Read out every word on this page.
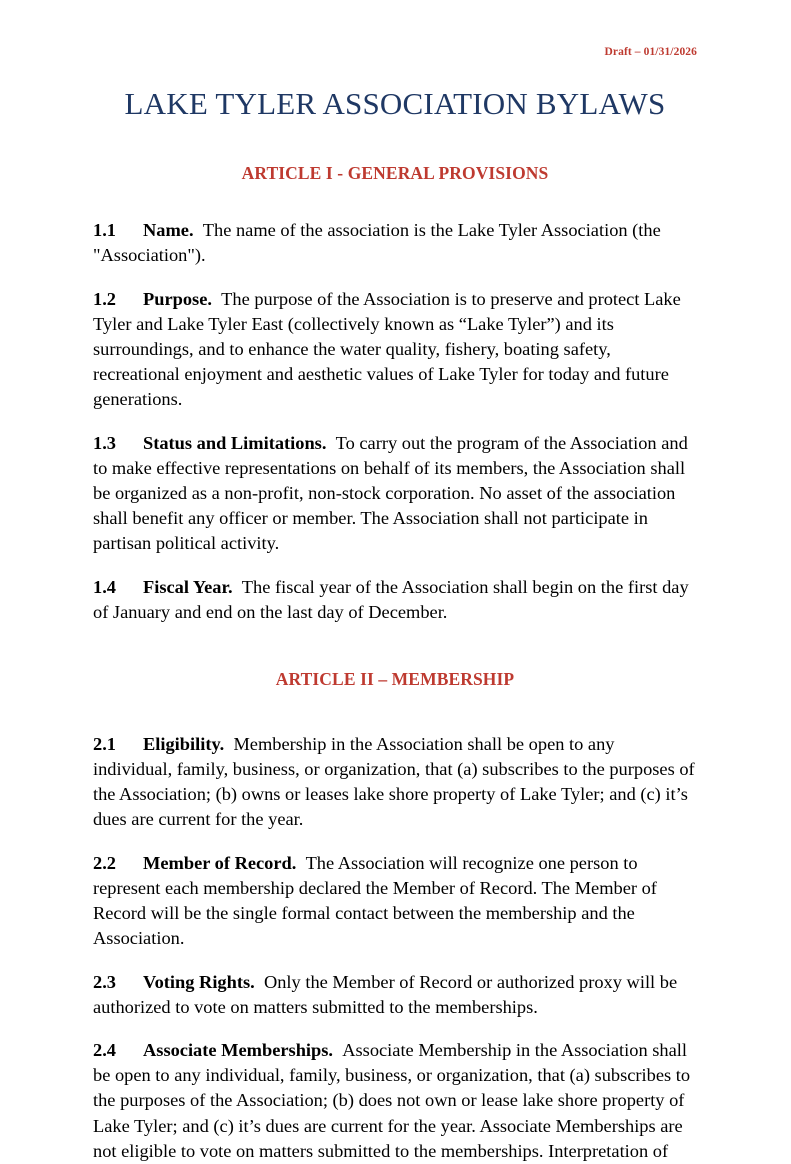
Draft – 01/31/2026
LAKE TYLER ASSOCIATION BYLAWS
ARTICLE I - GENERAL PROVISIONS

1.1 Name. The name of the association is the Lake Tyler Association (the "Association").

1.2 Purpose. The purpose of the Association is to preserve and protect Lake Tyler and Lake Tyler East (collectively known as “Lake Tyler”) and its surroundings, and to enhance the water quality, fishery, boating safety, recreational enjoyment and aesthetic values of Lake Tyler for today and future generations.

1.3 Status and Limitations. To carry out the program of the Association and to make effective representations on behalf of its members, the Association shall be organized as a non-profit, non-stock corporation. No asset of the association shall benefit any officer or member. The Association shall not participate in partisan political activity.

1.4 Fiscal Year. The fiscal year of the Association shall begin on the first day of January and end on the last day of December.

ARTICLE II – MEMBERSHIP

2.1 Eligibility. Membership in the Association shall be open to any individual, family, business, or organization, that (a) subscribes to the purposes of the Association; (b) owns or leases lake shore property of Lake Tyler; and (c) it’s dues are current for the year.

2.2 Member of Record. The Association will recognize one person to represent each membership declared the Member of Record. The Member of Record will be the single formal contact between the membership and the Association.

2.3 Voting Rights. Only the Member of Record or authorized proxy will be authorized to vote on matters submitted to the memberships.

2.4 Associate Memberships. Associate Membership in the Association shall be open to any individual, family, business, or organization, that (a) subscribes to the purposes of the Association; (b) does not own or lease lake shore property of Lake Tyler; and (c) it’s dues are current for the year. Associate Memberships are not eligible to vote on matters submitted to the memberships. Interpretation of
